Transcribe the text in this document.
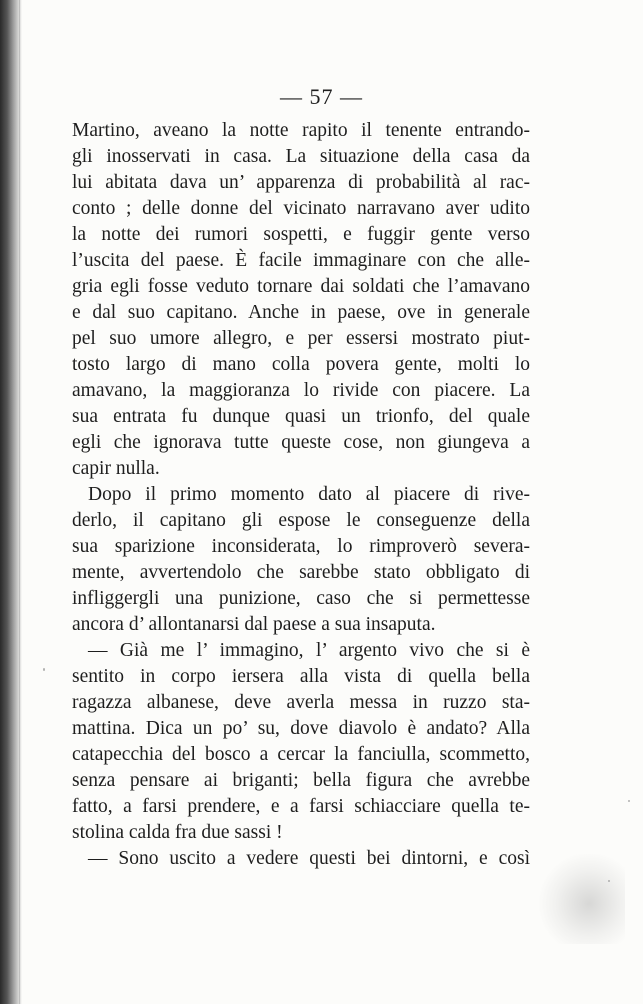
— 57 —
Martino, aveano la notte rapito il tenente entrando-
gli inosservati in casa. La situazione della casa da
lui abitata dava un’ apparenza di probabilità al rac-
conto ; delle donne del vicinato narravano aver udito
la notte dei rumori sospetti, e fuggir gente verso
l’uscita del paese. È facile immaginare con che alle-
gria egli fosse veduto tornare dai soldati che l’amavano
e dal suo capitano. Anche in paese, ove in generale
pel suo umore allegro, e per essersi mostrato piut-
tosto largo di mano colla povera gente, molti lo
amavano, la maggioranza lo rivide con piacere. La
sua entrata fu dunque quasi un trionfo, del quale
egli che ignorava tutte queste cose, non giungeva a
capir nulla.
Dopo il primo momento dato al piacere di rive-
derlo, il capitano gli espose le conseguenze della
sua sparizione inconsiderata, lo rimproverò severa-
mente, avvertendolo che sarebbe stato obbligato di
infliggergli una punizione, caso che si permettesse
ancora d’ allontanarsi dal paese a sua insaputa.
— Già me l’ immagino, l’ argento vivo che si è
sentito in corpo iersera alla vista di quella bella
ragazza albanese, deve averla messa in ruzzo sta-
mattina. Dica un po’ su, dove diavolo è andato? Alla
catapecchia del bosco a cercar la fanciulla, scommetto,
senza pensare ai briganti; bella figura che avrebbe
fatto, a farsi prendere, e a farsi schiacciare quella te-
stolina calda fra due sassi !
— Sono uscito a vedere questi bei dintorni, e così
